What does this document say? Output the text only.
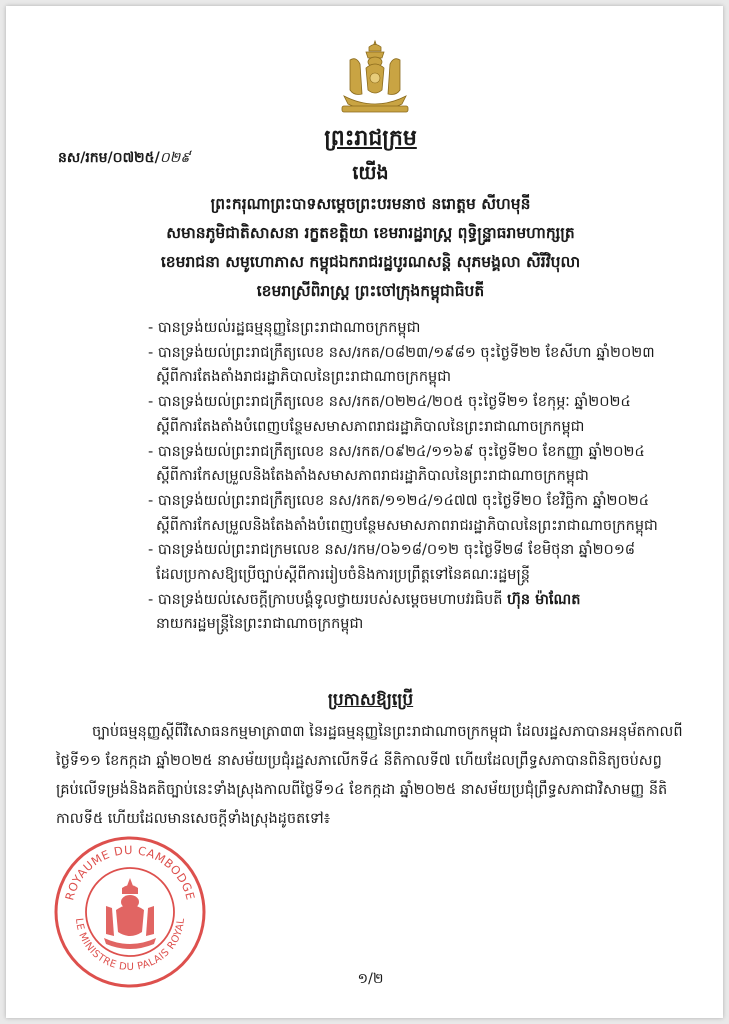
នស/រកម/០៧២៥/០២៩
ព្រះរាជក្រម
យើង
ព្រះករុណាព្រះបាទសម្តេចព្រះបរមនាថ នរោត្តម សីហមុនី
សមានភូមិជាតិសាសនា រក្ខតខត្តិយា ខេមរារដ្ឋរាស្ត្រ ពុទ្ធិន្ទ្រាធរាមហាក្សត្រ
ខេមរាជនា សមូហោភាស កម្ពុជឯករាជរដ្ឋបូរណសន្តិ សុភមង្គលា សិរីវិបុលា
ខេមរាស្រីពិរាស្ត្រ ព្រះចៅក្រុងកម្ពុជាធិបតី
- បានទ្រង់យល់រដ្ឋធម្មនុញ្ញនៃព្រះរាជាណាចក្រកម្ពុជា
- បានទ្រង់យល់ព្រះរាជក្រឹត្យលេខ នស/រកត/០៨២៣/១៩៨១ ចុះថ្ងៃទី២២ ខែសីហា ឆ្នាំ២០២៣
ស្តីពីការតែងតាំងរាជរដ្ឋាភិបាលនៃព្រះរាជាណាចក្រកម្ពុជា
- បានទ្រង់យល់ព្រះរាជក្រឹត្យលេខ នស/រកត/០២២៤/២០៥ ចុះថ្ងៃទី២១ ខែកុម្ភៈ ឆ្នាំ២០២៤
ស្តីពីការតែងតាំងបំពេញបន្ថែមសមាសភាពរាជរដ្ឋាភិបាលនៃព្រះរាជាណាចក្រកម្ពុជា
- បានទ្រង់យល់ព្រះរាជក្រឹត្យលេខ នស/រកត/០៩២៤/១១៦៩ ចុះថ្ងៃទី២០ ខែកញ្ញា ឆ្នាំ២០២៤
ស្តីពីការកែសម្រួលនិងតែងតាំងសមាសភាពរាជរដ្ឋាភិបាលនៃព្រះរាជាណាចក្រកម្ពុជា
- បានទ្រង់យល់ព្រះរាជក្រឹត្យលេខ នស/រកត/១១២៤/១៤៧៧ ចុះថ្ងៃទី២០ ខែវិច្ឆិកា ឆ្នាំ២០២៤
ស្តីពីការកែសម្រួលនិងតែងតាំងបំពេញបន្ថែមសមាសភាពរាជរដ្ឋាភិបាលនៃព្រះរាជាណាចក្រកម្ពុជា
- បានទ្រង់យល់ព្រះរាជក្រមលេខ នស/រកម/០៦១៨/០១២ ចុះថ្ងៃទី២៨ ខែមិថុនា ឆ្នាំ២០១៨
ដែលប្រកាសឱ្យប្រើច្បាប់ស្តីពីការរៀបចំនិងការប្រព្រឹត្តទៅនៃគណៈរដ្ឋមន្ត្រី
- បានទ្រង់យល់សេចក្តីក្រាបបង្គំទូលថ្វាយរបស់សម្តេចមហាបវរធិបតី ហ៊ុន ម៉ាណែត
នាយករដ្ឋមន្ត្រីនៃព្រះរាជាណាចក្រកម្ពុជា
ប្រកាសឱ្យប្រើ
ច្បាប់ធម្មនុញ្ញស្តីពីវិសោធនកម្មមាត្រា៣៣ នៃរដ្ឋធម្មនុញ្ញនៃព្រះរាជាណាចក្រកម្ពុជា ដែលរដ្ឋសភាបានអនុម័តកាលពីថ្ងៃទី១១ ខែកក្កដា ឆ្នាំ២០២៥ នាសម័យប្រជុំរដ្ឋសភាលើកទី៤ នីតិកាលទី៧ ហើយដែលព្រឹទ្ធសភាបានពិនិត្យចប់សព្វគ្រប់លើទម្រង់និងគតិច្បាប់នេះទាំងស្រុងកាលពីថ្ងៃទី១៤ ខែកក្កដា ឆ្នាំ២០២៥ នាសម័យប្រជុំព្រឹទ្ធសភាជាវិសាមញ្ញ នីតិកាលទី៥ ហើយដែលមានសេចក្តីទាំងស្រុងដូចតទៅ៖
ROYAUME DU CAMBODGE
LE MINISTRE DU PALAIS ROYAL
១/២
